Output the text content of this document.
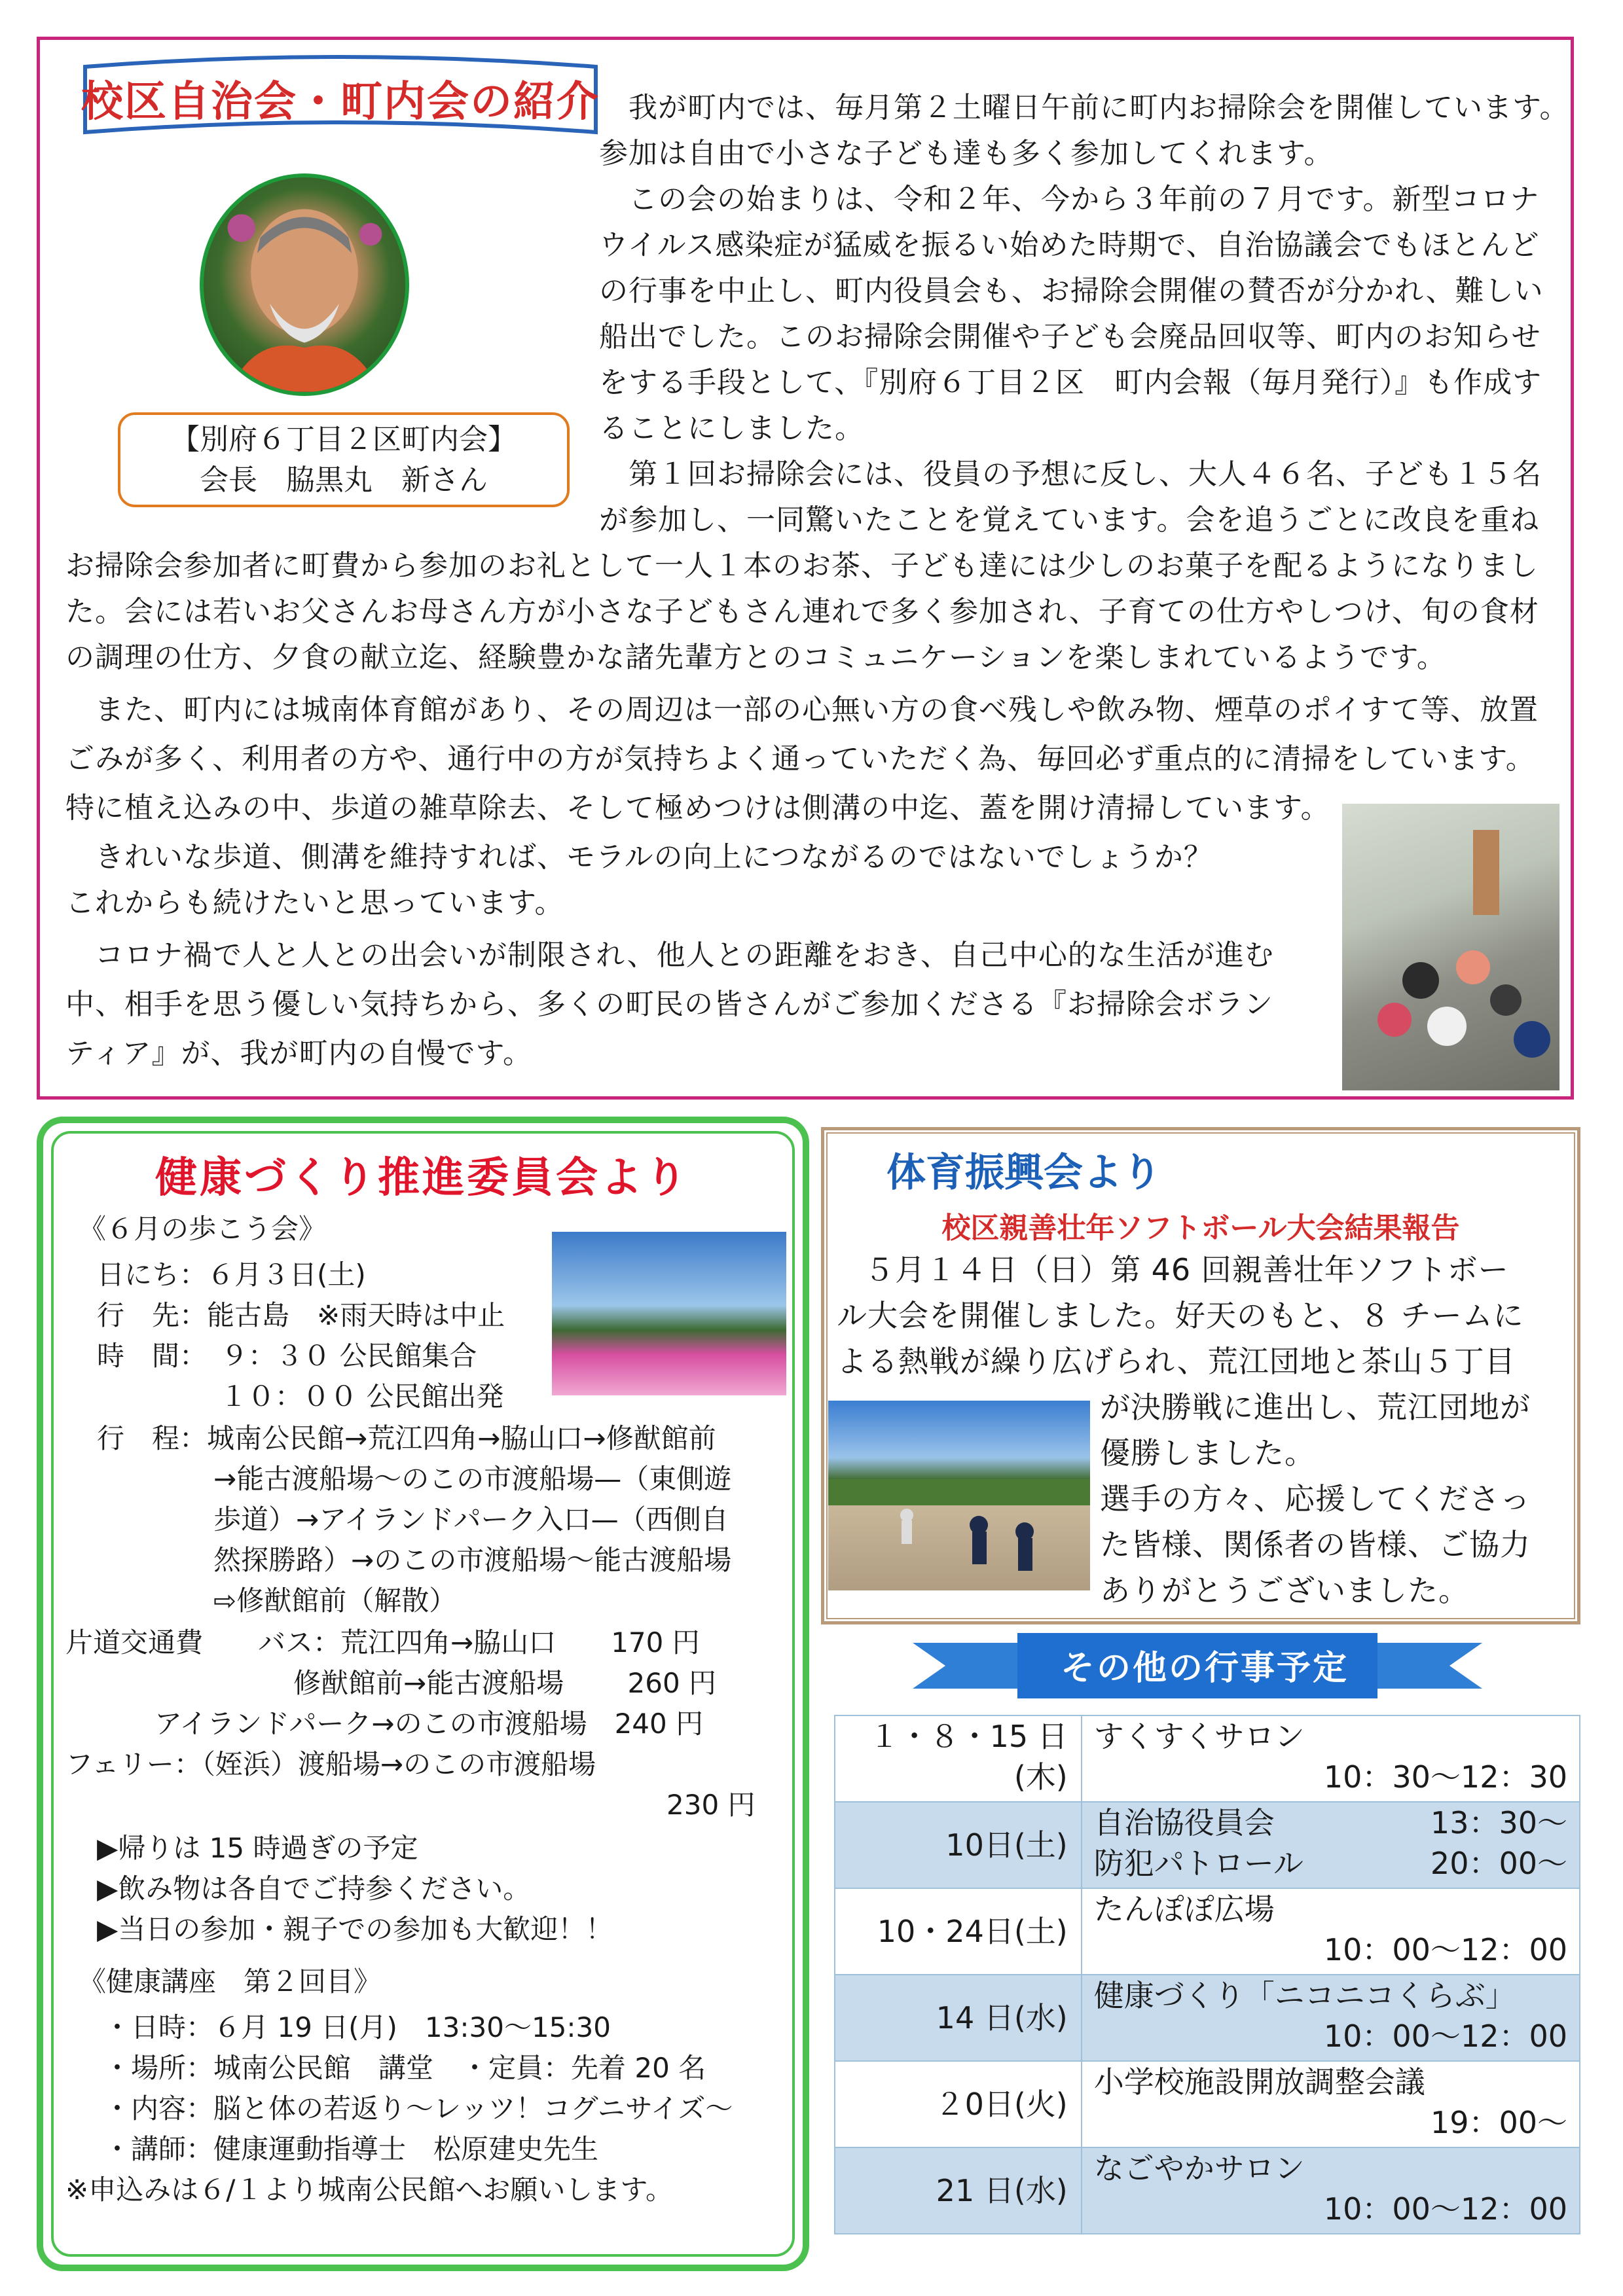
校区自治会・町内会の紹介
【別府６丁目２区町内会】
会長　脇黒丸　新さん
　我が町内では、毎月第２土曜日午前に町内お掃除会を開催しています。
参加は自由で小さな子ども達も多く参加してくれます。
　この会の始まりは、令和２年、今から３年前の７月です。新型コロナ
ウイルス感染症が猛威を振るい始めた時期で、自治協議会でもほとんど
の行事を中止し、町内役員会も、お掃除会開催の賛否が分かれ、難しい
船出でした。このお掃除会開催や子ども会廃品回収等、町内のお知らせ
をする手段として、『別府６丁目２区　町内会報（毎月発行）』も作成す
ることにしました。
　第１回お掃除会には、役員の予想に反し、大人４６名、子ども１５名
が参加し、一同驚いたことを覚えています。会を追うごとに改良を重ね
お掃除会参加者に町費から参加のお礼として一人１本のお茶、子ども達には少しのお菓子を配るようになりまし
た。会には若いお父さんお母さん方が小さな子どもさん連れで多く参加され、子育ての仕方やしつけ、旬の食材
の調理の仕方、夕食の献立迄、経験豊かな諸先輩方とのコミュニケーションを楽しまれているようです。
　また、町内には城南体育館があり、その周辺は一部の心無い方の食べ残しや飲み物、煙草のポイすて等、放置
ごみが多く、利用者の方や、通行中の方が気持ちよく通っていただく為、毎回必ず重点的に清掃をしています。
特に植え込みの中、歩道の雑草除去、そして極めつけは側溝の中迄、蓋を開け清掃しています。
　きれいな歩道、側溝を維持すれば、モラルの向上につながるのではないでしょうか？
これからも続けたいと思っています。
　コロナ禍で人と人との出会いが制限され、他人との距離をおき、自己中心的な生活が進む
中、相手を思う優しい気持ちから、多くの町民の皆さんがご参加くださる『お掃除会ボラン
ティア』が、我が町内の自慢です。
健康づくり推進委員会より
《６月の歩こう会》
日にち：６月３日(土)
行　先：能古島　※雨天時は中止
時　間：　９：３０ 公民館集合
１０：００ 公民館出発
行　程：城南公民館→荒江四角→脇山口→修猷館前
→能古渡船場〜のこの市渡船場—（東側遊
歩道）→アイランドパーク入口—（西側自
然探勝路）→のこの市渡船場〜能古渡船場
⇨修猷館前（解散）
片道交通費　　バス：荒江四角→脇山口　　170 円
修猷館前→能古渡船場　　 260 円
アイランドパーク→のこの市渡船場　240 円
フェリー：（姪浜）渡船場→のこの市渡船場
230 円
▶帰りは 15 時過ぎの予定
▶飲み物は各自でご持参ください。
▶当日の参加・親子での参加も大歓迎！！
《健康講座　第２回目》
・日時：６月 19 日(月)　13:30〜15:30
・場所：城南公民館　講堂　・定員：先着 20 名
・内容：脳と体の若返り〜レッツ！コグニサイズ〜
・講師：健康運動指導士　松原建史先生
※申込みは６/１より城南公民館へお願いします。
体育振興会より
校区親善壮年ソフトボール大会結果報告
５月１４日（日）第 46 回親善壮年ソフトボー
ル大会を開催しました。好天のもと、８ チームに
よる熱戦が繰り広げられ、荒江団地と茶山５丁目
が決勝戦に進出し、荒江団地が
優勝しました。
選手の方々、応援してくださっ
た皆様、関係者の皆様、ご協力
ありがとうございました。
その他の行事予定
１・８・15 日
(木)	すくすくサロン
10：30〜12：30

10日(土)	自治協役員会 13：30〜
防犯パトロール 20：00〜

10・24日(土)	たんぽぽ広場
10：00〜12：00

14 日(水)	健康づくり「ニコニコくらぶ」
10：00〜12：00

２0日(火)	小学校施設開放調整会議
19：00〜

21 日(水)	なごやかサロン
10：00〜12：00
